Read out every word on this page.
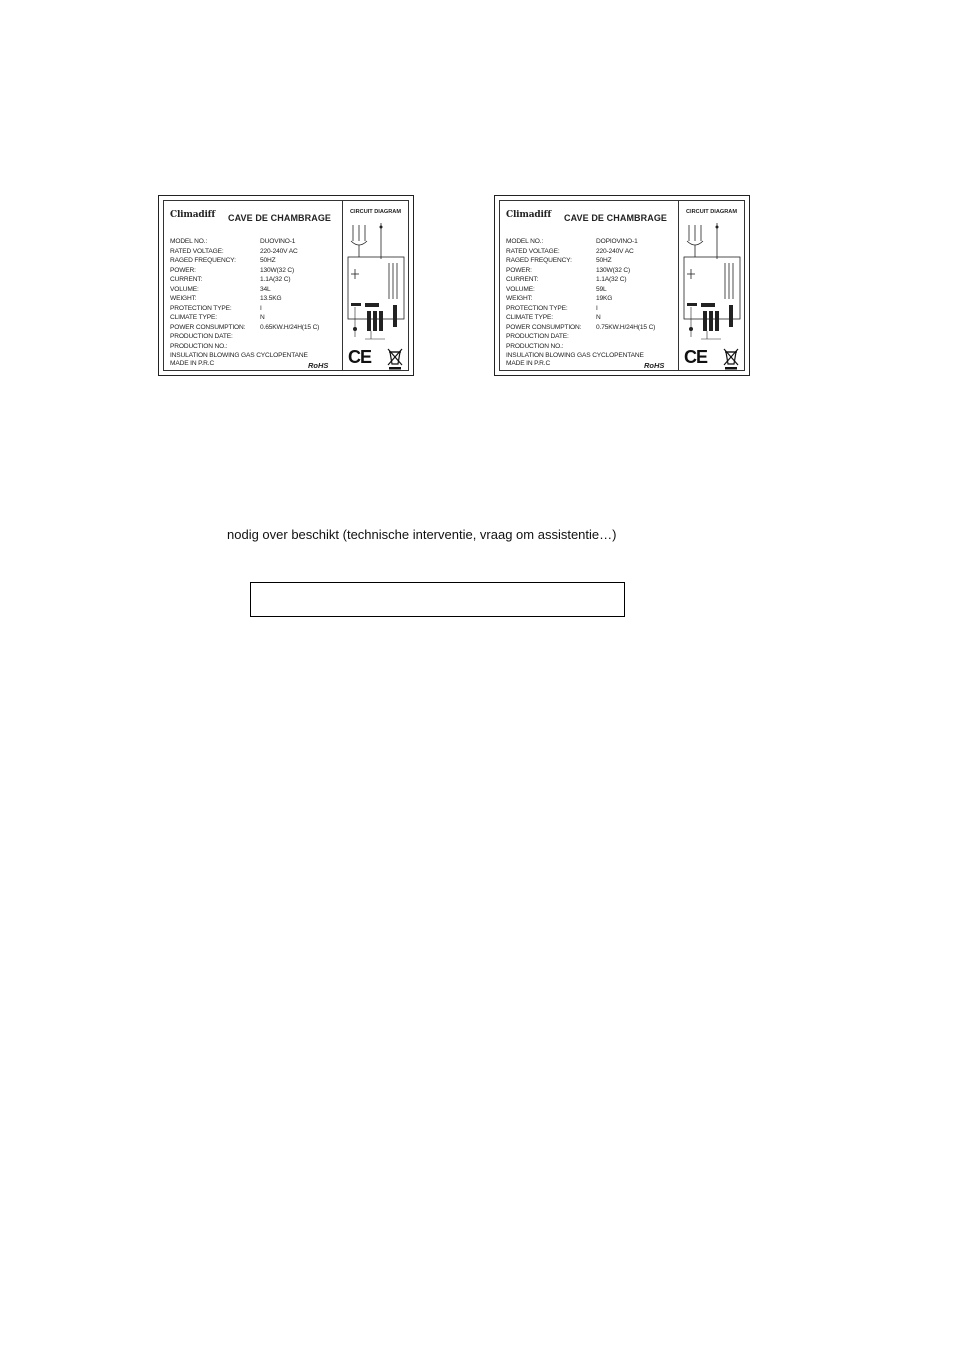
Climadiff CAVE DE CHAMBRAGE
MODEL NO.:	DUOVINO-1
RATED VOLTAGE:	220-240V AC
RAGED FREQUENCY:	50HZ
POWER:	130W(32 C)
CURRENT:	1.1A(32 C)
VOLUME:	34L
WEIGHT:	13.5KG
PROTECTION TYPE:	I
CLIMATE TYPE:	N
POWER CONSUMPTION: 0.65KW.H/24H(15 C)
PRODUCTION DATE:
PRODUCTION NO.:
INSULATION BLOWING GAS CYCLOPENTANE
MADE IN P.R.C	RoHS
CIRCUIT DIAGRAM
CE
Climadiff CAVE DE CHAMBRAGE
MODEL NO.:	DOPIOVINO-1
RATED VOLTAGE:	220-240V AC
RAGED FREQUENCY:	50HZ
POWER:	130W(32 C)
CURRENT:	1.1A(32 C)
VOLUME:	59L
WEIGHT:	19KG
PROTECTION TYPE:	I
CLIMATE TYPE:	N
POWER CONSUMPTION: 0.75KW.H/24H(15 C)
PRODUCTION DATE:
PRODUCTION NO.:
INSULATION BLOWING GAS CYCLOPENTANE
MADE IN P.R.C	RoHS
CIRCUIT DIAGRAM
CE
nodig over beschikt (technische interventie, vraag om assistentie…)
